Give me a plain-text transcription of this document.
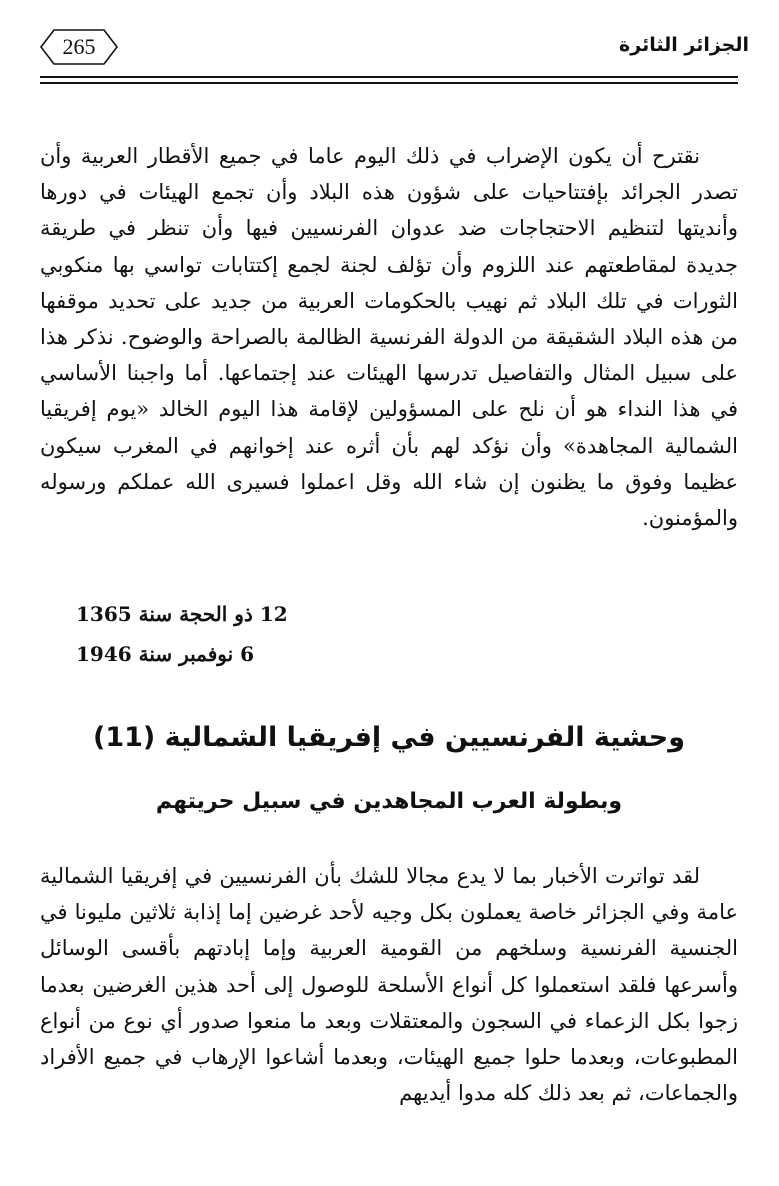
265	الجزائر الثائرة

نقترح أن يكون الإضراب في ذلك اليوم عاما في جميع الأقطار العربية وأن تصدر الجرائد بإفتتاحيات على شؤون هذه البلاد وأن تجمع الهيئات في دورها وأنديتها لتنظيم الاحتجاجات ضد عدوان الفرنسيين فيها وأن تنظر في طريقة جديدة لمقاطعتهم عند اللزوم وأن تؤلف لجنة لجمع إكتتابات تواسي بها منكوبي الثورات في تلك البلاد ثم نهيب بالحكومات العربية من جديد على تحديد موقفها من هذه البلاد الشقيقة من الدولة الفرنسية الظالمة بالصراحة والوضوح. نذكر هذا على سبيل المثال والتفاصيل تدرسها الهيئات عند إجتماعها. أما واجبنا الأساسي في هذا النداء هو أن نلح على المسؤولين لإقامة هذا اليوم الخالد «يوم إفريقيا الشمالية المجاهدة» وأن نؤكد لهم بأن أثره عند إخوانهم في المغرب سيكون عظيما وفوق ما يظنون إن شاء الله وقل اعملوا فسيرى الله عملكم ورسوله والمؤمنون.

12 ذو الحجة سنة 1365
6 نوفمبر سنة 1946
وحشية الفرنسيين في إفريقيا الشمالية (11)
وبطولة العرب المجاهدين في سبيل حريتهم

لقد تواترت الأخبار بما لا يدع مجالا للشك بأن الفرنسيين في إفريقيا الشمالية عامة وفي الجزائر خاصة يعملون بكل وجيه لأحد غرضين إما إذابة ثلاثين مليونا في الجنسية الفرنسية وسلخهم من القومية العربية وإما إبادتهم بأقسى الوسائل وأسرعها فلقد استعملوا كل أنواع الأسلحة للوصول إلى أحد هذين الغرضين بعدما زجوا بكل الزعماء في السجون والمعتقلات وبعد ما منعوا صدور أي نوع من أنواع المطبوعات، وبعدما حلوا جميع الهيئات، وبعدما أشاعوا الإرهاب في جميع الأفراد والجماعات، ثم بعد ذلك كله مدوا أيديهم
